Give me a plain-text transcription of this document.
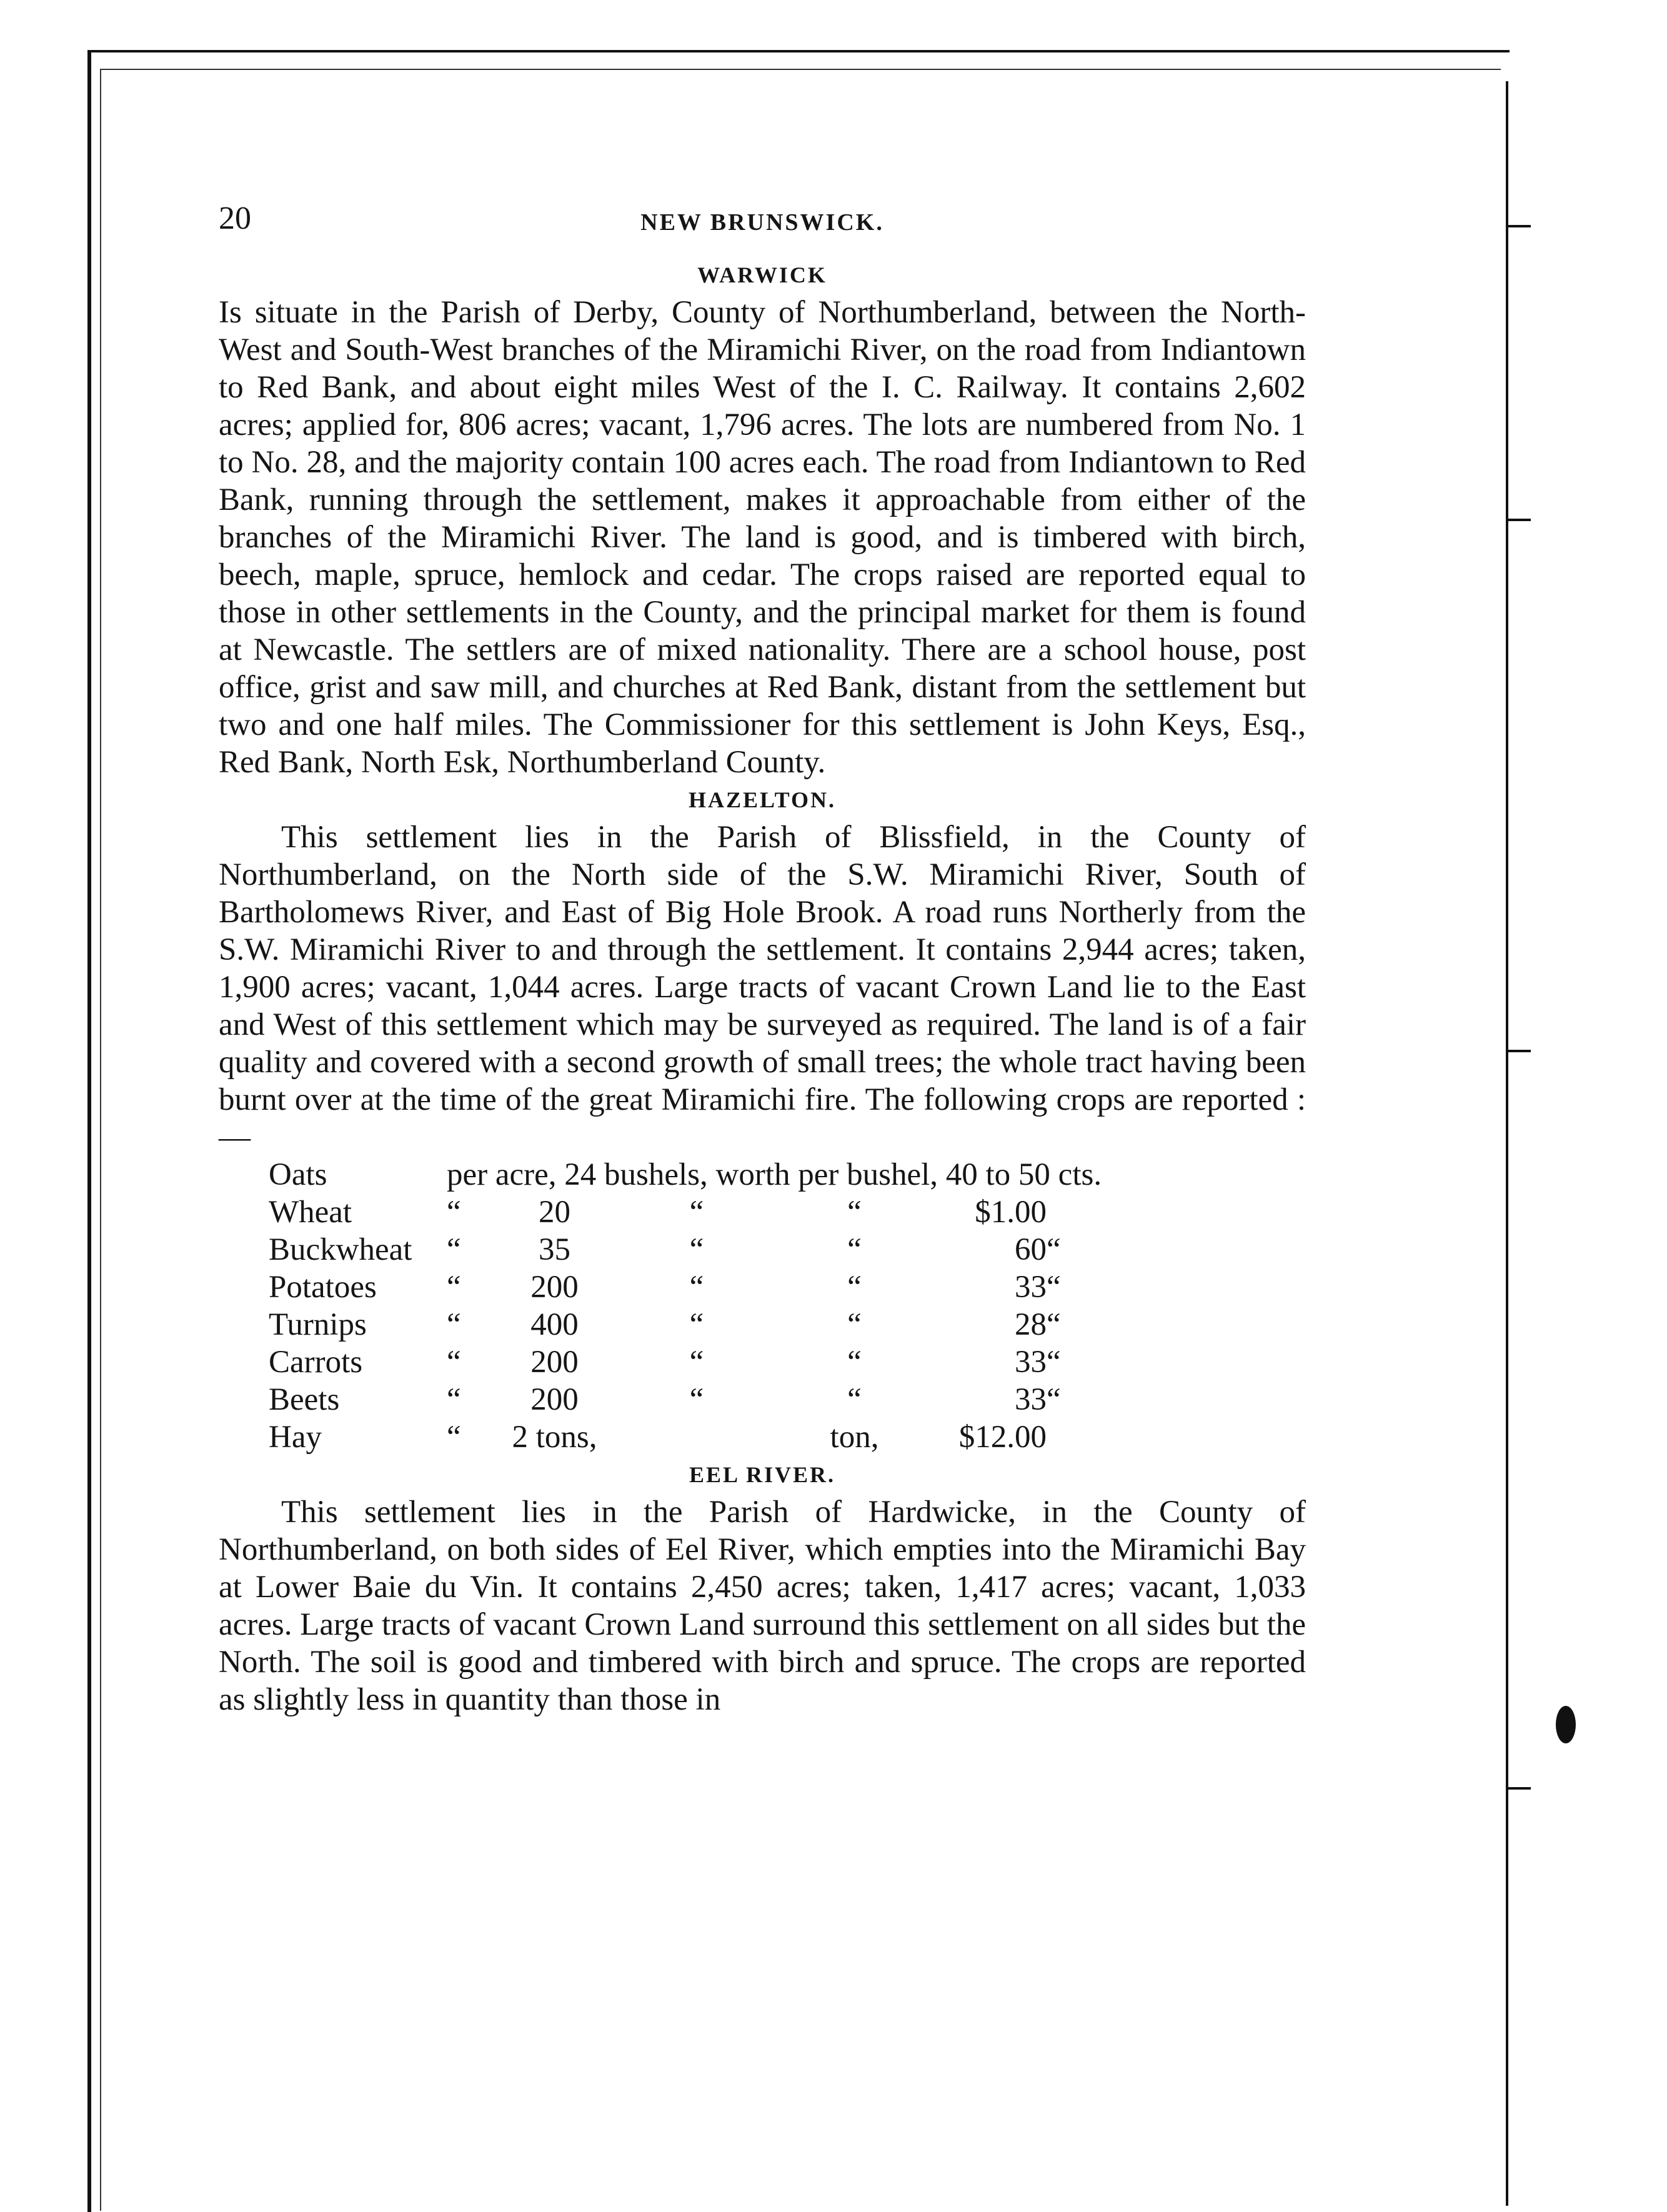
20	NEW BRUNSWICK.
WARWICK

Is situate in the Parish of Derby, County of Northumberland, between the North-West and South-West branches of the Miramichi River, on the road from Indiantown to Red Bank, and about eight miles West of the I. C. Railway. It contains 2,602 acres; applied for, 806 acres; vacant, 1,796 acres. The lots are numbered from No. 1 to No. 28, and the majority contain 100 acres each. The road from Indiantown to Red Bank, running through the settlement, makes it approachable from either of the branches of the Miramichi River. The land is good, and is timbered with birch, beech, maple, spruce, hemlock and cedar. The crops raised are reported equal to those in other settlements in the County, and the principal market for them is found at Newcastle. The settlers are of mixed nationality. There are a school house, post office, grist and saw mill, and churches at Red Bank, distant from the settlement but two and one half miles. The Commissioner for this settlement is John Keys, Esq., Red Bank, North Esk, Northumberland County.

HAZELTON.

This settlement lies in the Parish of Blissfield, in the County of Northumberland, on the North side of the S.W. Miramichi River, South of Bartholomews River, and East of Big Hole Brook. A road runs Northerly from the S.W. Miramichi River to and through the settlement. It contains 2,944 acres; taken, 1,900 acres; vacant, 1,044 acres. Large tracts of vacant Crown Land lie to the East and West of this settlement which may be surveyed as required. The land is of a fair quality and covered with a second growth of small trees; the whole tract having been burnt over at the time of the great Miramichi fire. The following crops are reported :—

Oats	per acre, 24 bushels, worth per bushel, 40 to 50 cts.					
Wheat	“	20	“	“	$1.00	
Buckwheat	“	35	“	“	60	“
Potatoes	“	200	“	“	33	“
Turnips	“	400	“	“	28	“
Carrots	“	200	“	“	33	“
Beets	“	200	“	“	33	“
Hay	“	2 tons,		ton,	$12.00	
EEL RIVER.

This settlement lies in the Parish of Hardwicke, in the County of Northumberland, on both sides of Eel River, which empties into the Miramichi Bay at Lower Baie du Vin. It contains 2,450 acres; taken, 1,417 acres; vacant, 1,033 acres. Large tracts of vacant Crown Land surround this settlement on all sides but the North. The soil is good and timbered with birch and spruce. The crops are reported as slightly less in quantity than those in
